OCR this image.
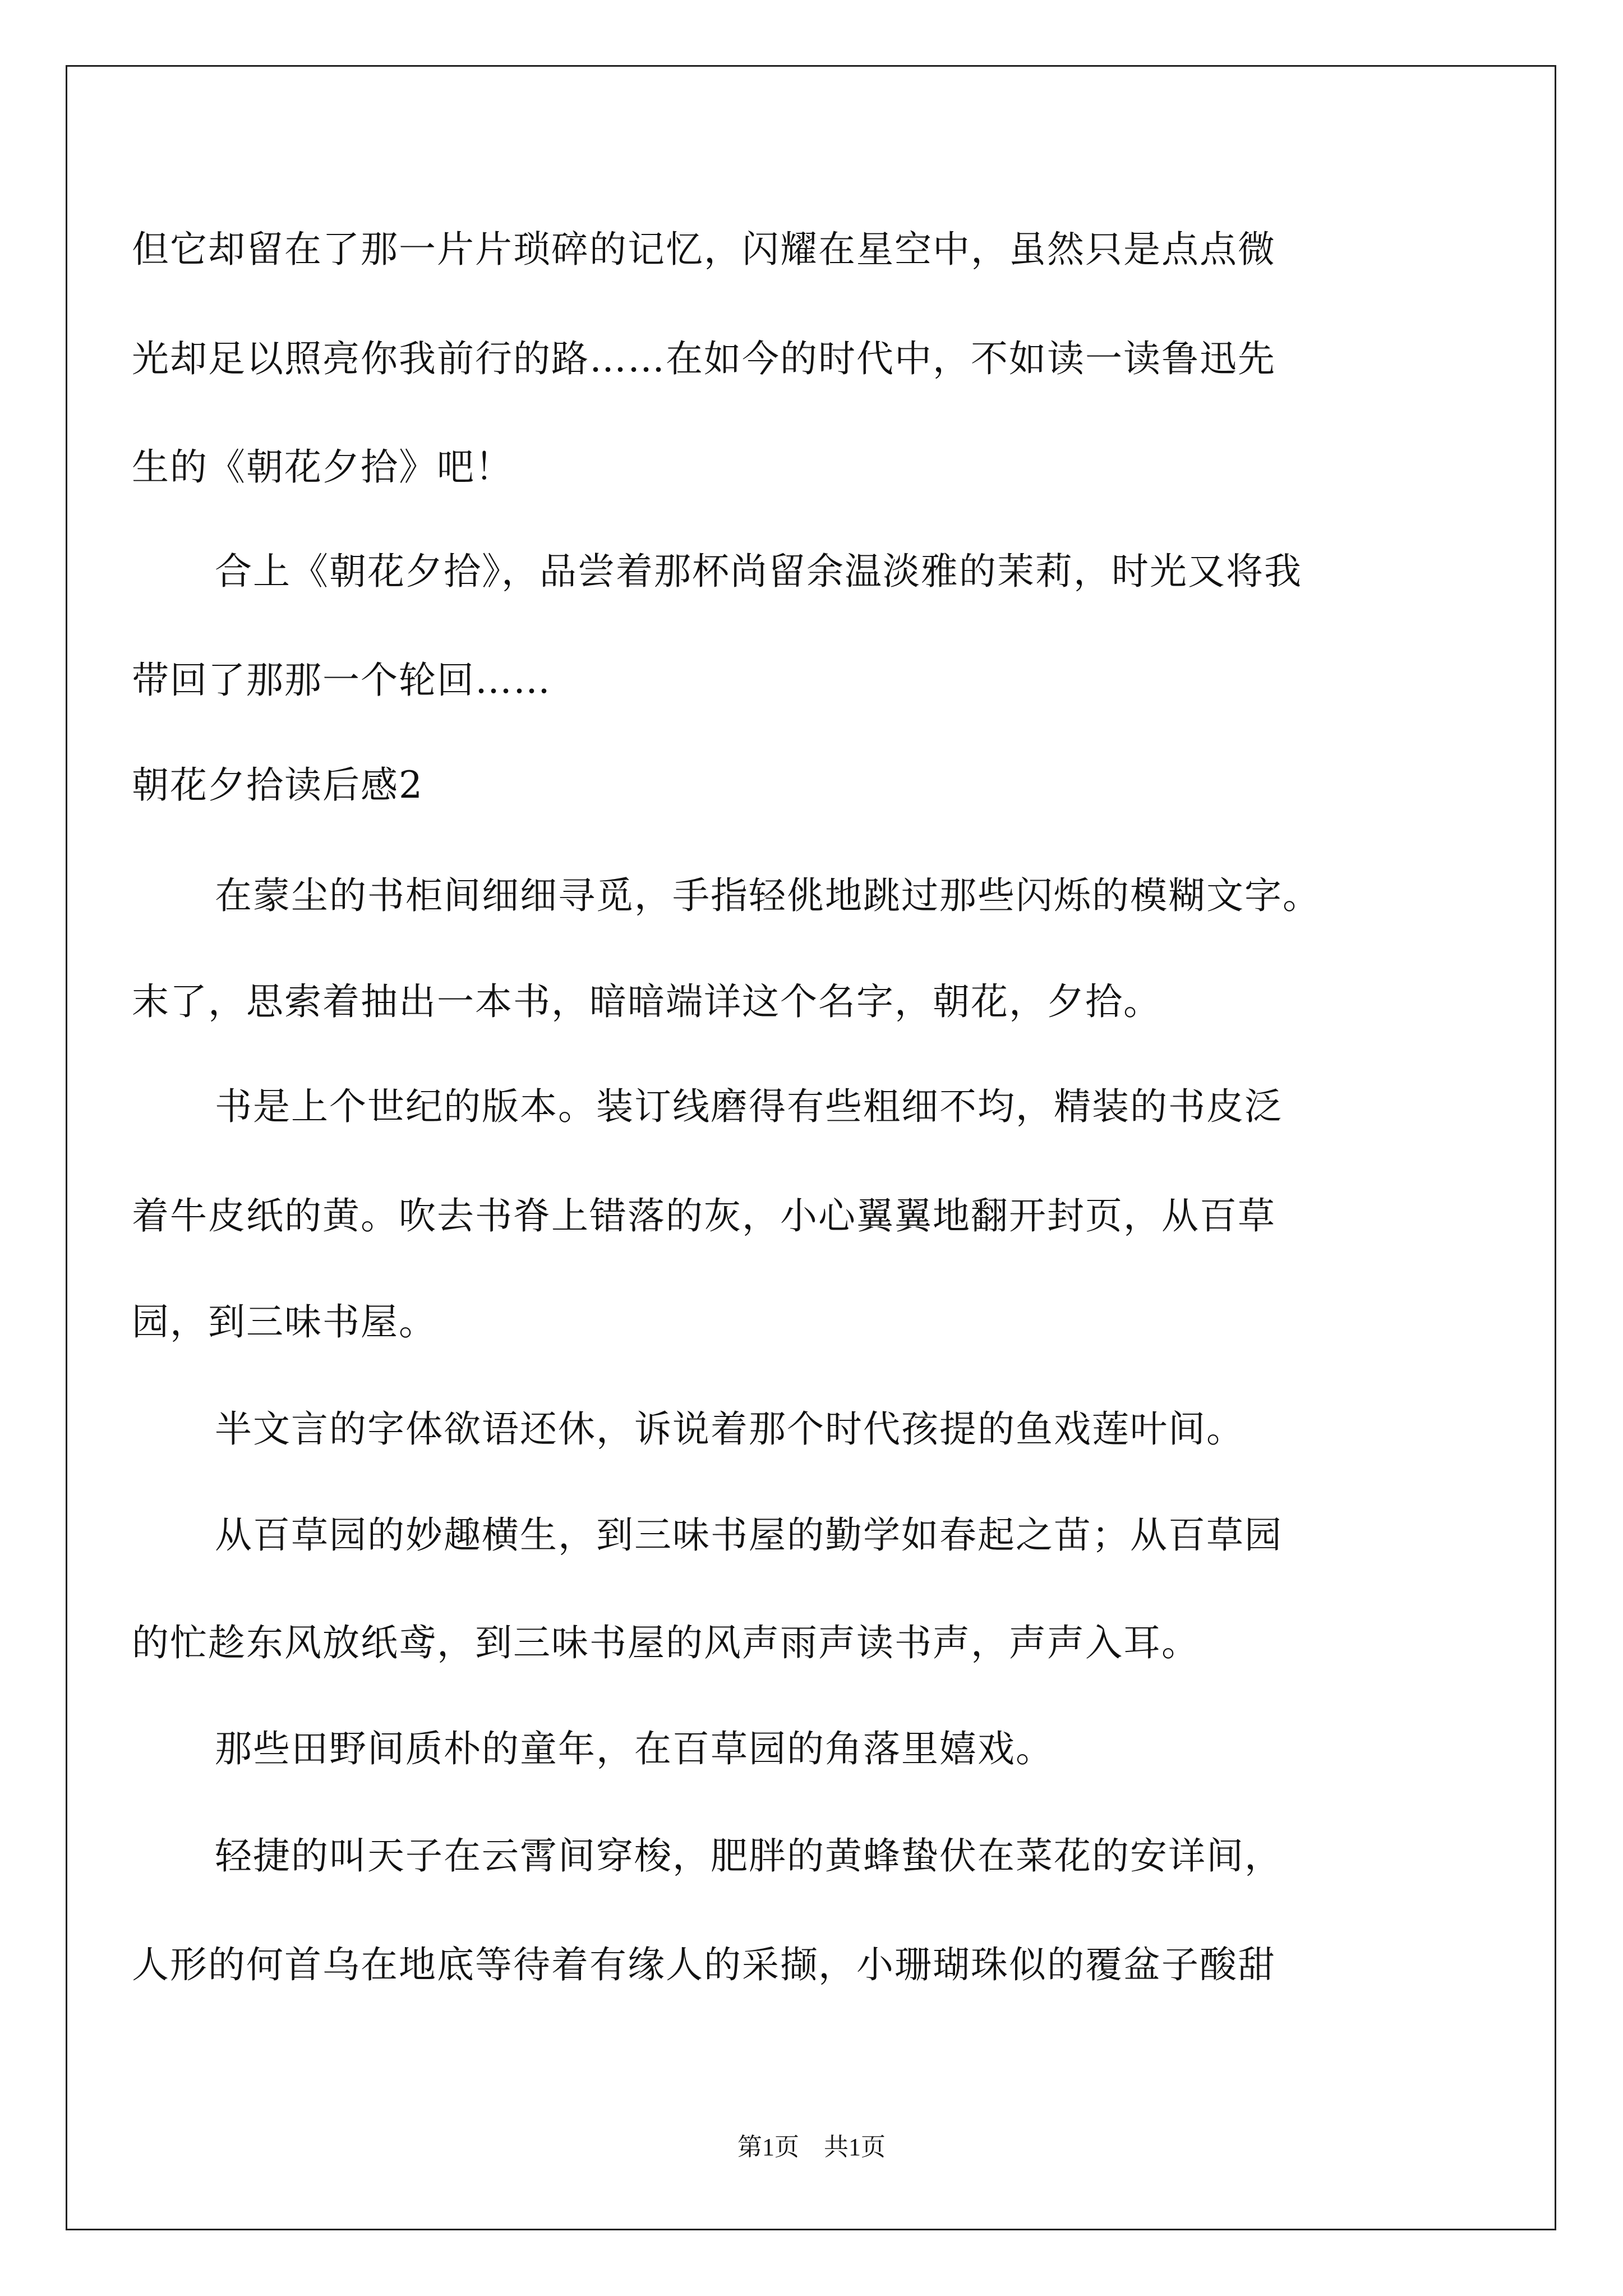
但它却留在了那一片片琐碎的记忆，闪耀在星空中，虽然只是点点微
光却足以照亮你我前行的路……在如今的时代中，不如读一读鲁迅先
生的《朝花夕拾》吧！
合上《朝花夕拾》，品尝着那杯尚留余温淡雅的茉莉，时光又将我
带回了那那一个轮回……
朝花夕拾读后感2
在蒙尘的书柜间细细寻觅，手指轻佻地跳过那些闪烁的模糊文字。
末了，思索着抽出一本书，暗暗端详这个名字，朝花，夕拾。
书是上个世纪的版本。装订线磨得有些粗细不均，精装的书皮泛
着牛皮纸的黄。吹去书脊上错落的灰，小心翼翼地翻开封页，从百草
园，到三味书屋。
半文言的字体欲语还休，诉说着那个时代孩提的鱼戏莲叶间。
从百草园的妙趣横生，到三味书屋的勤学如春起之苗；从百草园
的忙趁东风放纸鸢，到三味书屋的风声雨声读书声，声声入耳。
那些田野间质朴的童年，在百草园的角落里嬉戏。
轻捷的叫天子在云霄间穿梭，肥胖的黄蜂蛰伏在菜花的安详间，
人形的何首乌在地底等待着有缘人的采撷，小珊瑚珠似的覆盆子酸甜
第1页　共1页
